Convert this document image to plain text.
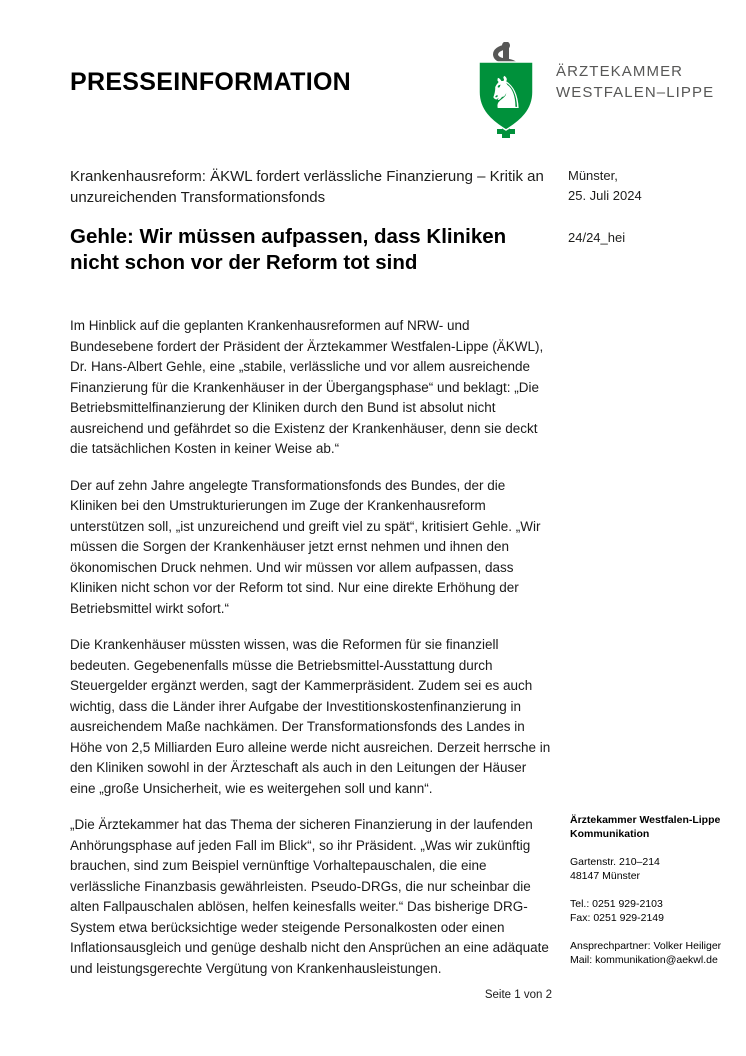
PRESSEINFORMATION	♞ ÄRZTEKAMMER
WESTFALEN–LIPPE
Krankenhausreform: ÄKWL fordert verlässliche Finanzierung – Kritik an unzureichenden Transformationsfonds
Münster,
25. Juli 2024
24/24_hei
Gehle: Wir müssen aufpassen, dass Kliniken nicht schon vor der Reform tot sind

Im Hinblick auf die geplanten Krankenhausreformen auf NRW- und Bundesebene fordert der Präsident der Ärztekammer Westfalen-Lippe (ÄKWL), Dr. Hans-Albert Gehle, eine „stabile, verlässliche und vor allem ausreichende Finanzierung für die Krankenhäuser in der Übergangsphase“ und beklagt: „Die Betriebsmittelfinanzierung der Kliniken durch den Bund ist absolut nicht ausreichend und gefährdet so die Existenz der Krankenhäuser, denn sie deckt die tatsächlichen Kosten in keiner Weise ab.“

Der auf zehn Jahre angelegte Transformationsfonds des Bundes, der die Kliniken bei den Umstrukturierungen im Zuge der Krankenhausreform unterstützen soll, „ist unzureichend und greift viel zu spät“, kritisiert Gehle. „Wir müssen die Sorgen der Krankenhäuser jetzt ernst nehmen und ihnen den ökonomischen Druck nehmen. Und wir müssen vor allem aufpassen, dass Kliniken nicht schon vor der Reform tot sind. Nur eine direkte Erhöhung der Betriebsmittel wirkt sofort.“

Die Krankenhäuser müssten wissen, was die Reformen für sie finanziell bedeuten. Gegebenenfalls müsse die Betriebsmittel-Ausstattung durch Steuergelder ergänzt werden, sagt der Kammerpräsident. Zudem sei es auch wichtig, dass die Länder ihrer Aufgabe der Investitionskostenfinanzierung in ausreichendem Maße nachkämen. Der Transformationsfonds des Landes in Höhe von 2,5 Milliarden Euro alleine werde nicht ausreichen. Derzeit herrsche in den Kliniken sowohl in der Ärzteschaft als auch in den Leitungen der Häuser eine „große Unsicherheit, wie es weitergehen soll und kann“.

„Die Ärztekammer hat das Thema der sicheren Finanzierung in der laufenden Anhörungsphase auf jeden Fall im Blick“, so ihr Präsident. „Was wir zukünftig brauchen, sind zum Beispiel vernünftige Vorhaltepauschalen, die eine verlässliche Finanzbasis gewährleisten. Pseudo-DRGs, die nur scheinbar die alten Fallpauschalen ablösen, helfen keinesfalls weiter.“ Das bisherige DRG-System etwa berücksichtige weder steigende Personalkosten oder einen Inflationsausgleich und genüge deshalb nicht den Ansprüchen an eine adäquate und leistungsgerechte Vergütung von Krankenhausleistungen.

Ärztekammer Westfalen-Lippe
Kommunikation
Gartenstr. 210–214
48147 Münster
Tel.: 0251 929-2103
Fax: 0251 929-2149
Ansprechpartner: Volker Heiliger
Mail: kommunikation@aekwl.de
Seite 1 von 2
